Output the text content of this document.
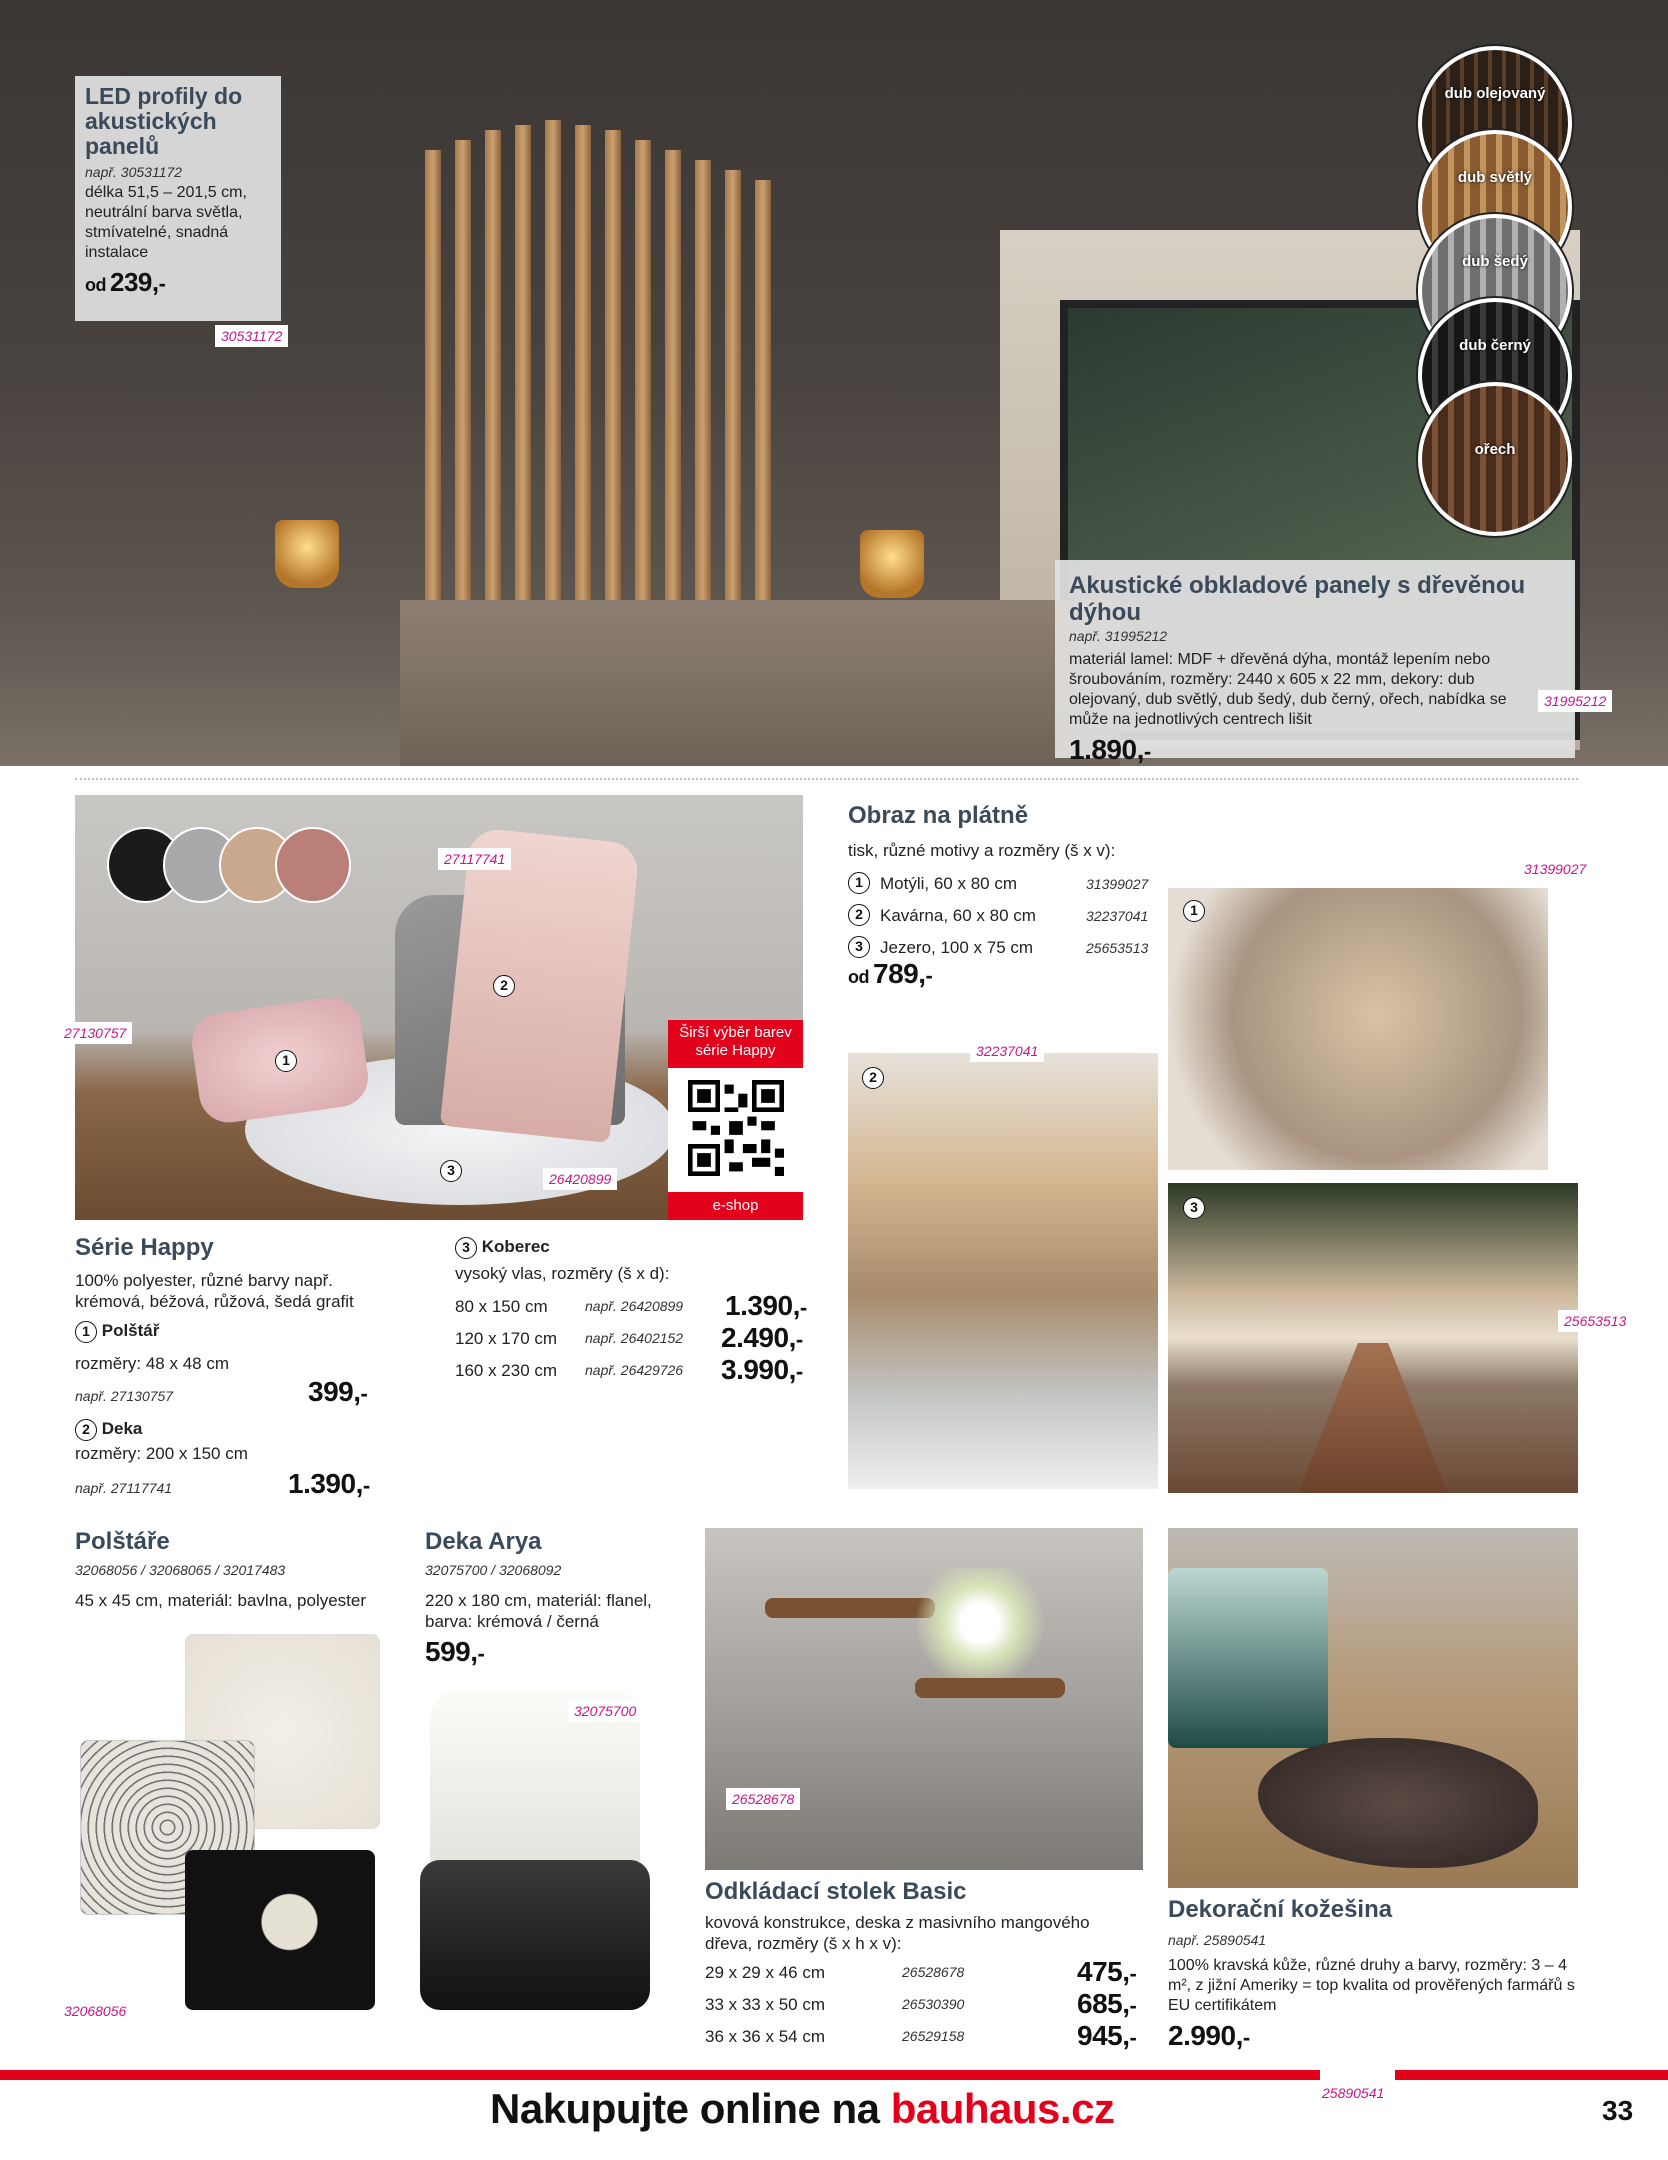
LED profily do akustických panelů
např. 30531172
délka 51,5 – 201,5 cm, neutrální barva světla, stmívatelné, snadná instalace
od 239,-
30531172
dub olejovaný
dub světlý
dub šedý
dub černý
ořech
Akustické obkladové panely s dřevěnou dýhou
např. 31995212
materiál lamel: MDF + dřevěná dýha, montáž lepením nebo šroubováním, rozměry: 2440 x 605 x 22 mm, dekory: dub olejovaný, dub světlý, dub šedý, dub černý, ořech, nabídka se může na jednotlivých centrech lišit
1.890,-
31995212
1
2
3
27117741
27130757
26420899
Širší výběr barev série Happy
e-shop
Série Happy
100% polyester, různé barvy např. krémová, béžová, růžová, šedá grafit
1 Polštář
rozměry: 48 x 48 cm
např. 27130757	399,-
2 Deka
rozměry: 200 x 150 cm
např. 27117741	1.390,-
3 Koberec
vysoký vlas, rozměry (š x d):
80 x 150 cm	např. 26420899 1.390,-
120 x 170 cm např. 26402152 2.490,-
160 x 230 cm např. 26429726 3.990,-
Obraz na plátně
tisk, různé motivy a rozměry (š x v):
1	Motýli, 60 x 80 cm	31399027
2	Kavárna, 60 x 80 cm	32237041
3	Jezero, 100 x 75 cm	25653513
od 789,-
1
31399027
2
32237041
3
25653513
Polštáře
32068056 / 32068065 / 32017483
45 x 45 cm, materiál: bavlna, polyester
32068056
Deka Arya
32075700 / 32068092
220 x 180 cm, materiál: flanel, barva: krémová / černá
599,-
32075700
26528678
Odkládací stolek Basic
kovová konstrukce, deska z masivního mangového dřeva, rozměry (š x h x v):
29 x 29 x 46 cm	26528678	475,-
33 x 33 x 50 cm	26530390	685,-
36 x 36 x 54 cm	26529158	945,-
Dekorační kožešina
např. 25890541
100% kravská kůže, různé druhy a barvy, rozměry: 3 – 4 m², z jižní Ameriky = top kvalita od prověřených farmářů s EU certifikátem
2.990,-
25890541
Nakupujte online na bauhaus.cz	33
